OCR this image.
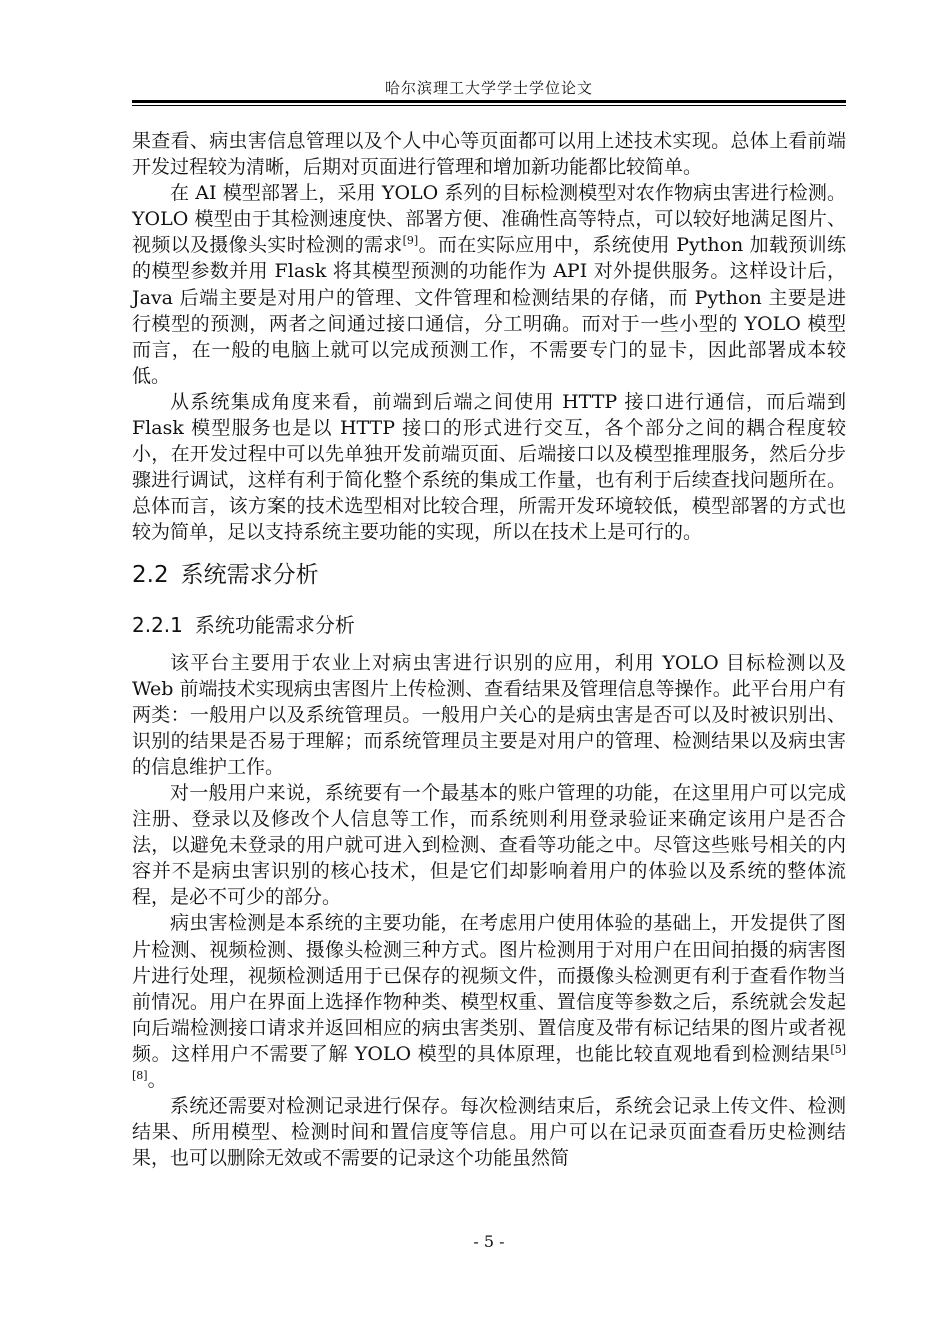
哈尔滨理工大学学士学位论文

果查看、病虫害信息管理以及个人中心等页面都可以用上述技术实现。总体上看前端开发过程较为清晰，后期对页面进行管理和增加新功能都比较简单。

在 AI 模型部署上，采用 YOLO 系列的目标检测模型对农作物病虫害进行检测。YOLO 模型由于其检测速度快、部署方便、准确性高等特点，可以较好地满足图片、视频以及摄像头实时检测的需求[9]。而在实际应用中，系统使用 Python 加载预训练的模型参数并用 Flask 将其模型预测的功能作为 API 对外提供服务。这样设计后，Java 后端主要是对用户的管理、文件管理和检测结果的存储，而 Python 主要是进行模型的预测，两者之间通过接口通信，分工明确。而对于一些小型的 YOLO 模型而言，在一般的电脑上就可以完成预测工作，不需要专门的显卡，因此部署成本较低。

从系统集成角度来看，前端到后端之间使用 HTTP 接口进行通信，而后端到 Flask 模型服务也是以 HTTP 接口的形式进行交互，各个部分之间的耦合程度较小，在开发过程中可以先单独开发前端页面、后端接口以及模型推理服务，然后分步骤进行调试，这样有利于简化整个系统的集成工作量，也有利于后续查找问题所在。总体而言，该方案的技术选型相对比较合理，所需开发环境较低，模型部署的方式也较为简单，足以支持系统主要功能的实现，所以在技术上是可行的。

2.2 系统需求分析
2.2.1 系统功能需求分析

该平台主要用于农业上对病虫害进行识别的应用，利用 YOLO 目标检测以及 Web 前端技术实现病虫害图片上传检测、查看结果及管理信息等操作。此平台用户有两类：一般用户以及系统管理员。一般用户关心的是病虫害是否可以及时被识别出、识别的结果是否易于理解；而系统管理员主要是对用户的管理、检测结果以及病虫害的信息维护工作。

对一般用户来说，系统要有一个最基本的账户管理的功能，在这里用户可以完成注册、登录以及修改个人信息等工作，而系统则利用登录验证来确定该用户是否合法，以避免未登录的用户就可进入到检测、查看等功能之中。尽管这些账号相关的内容并不是病虫害识别的核心技术，但是它们却影响着用户的体验以及系统的整体流程，是必不可少的部分。

病虫害检测是本系统的主要功能，在考虑用户使用体验的基础上，开发提供了图片检测、视频检测、摄像头检测三种方式。图片检测用于对用户在田间拍摄的病害图片进行处理，视频检测适用于已保存的视频文件，而摄像头检测更有利于查看作物当前情况。用户在界面上选择作物种类、模型权重、置信度等参数之后，系统就会发起向后端检测接口请求并返回相应的病虫害类别、置信度及带有标记结果的图片或者视频。这样用户不需要了解 YOLO 模型的具体原理，也能比较直观地看到检测结果[5][8]。

系统还需要对检测记录进行保存。每次检测结束后，系统会记录上传文件、检测结果、所用模型、检测时间和置信度等信息。用户可以在记录页面查看历史检测结果，也可以删除无效或不需要的记录这个功能虽然简

- 5 -
